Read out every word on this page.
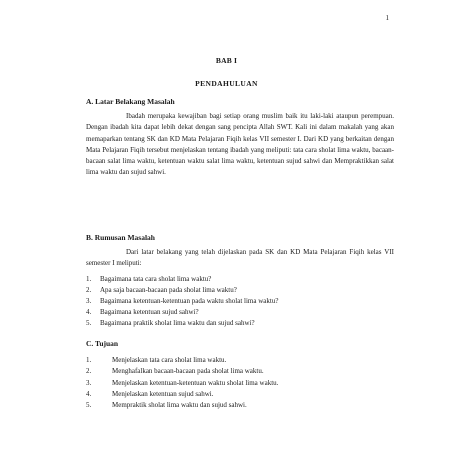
1
BAB I
PENDAHULUAN
A. Latar Belakang Masalah

Ibadah merupaka kewajiban bagi setiap orang muslim baik itu laki-laki ataupun perempuan. Dengan ibadah kita dapat lebih dekat dengan sang pencipta Allah SWT. Kali ini dalam makalah yang akan memaparkan tentang SK dan KD Mata Pelajaran Fiqih kelas VII semester I. Dari KD yang berkaitan dengan Mata Pelajaran Fiqih tersebut menjelaskan tentang ibadah yang meliputi: tata cara sholat lima waktu, bacaan-bacaan salat lima waktu, ketentuan waktu salat lima waktu, ketentuan sujud sahwi dan Mempraktikkan salat lima waktu dan sujud sahwi.

B. Rumusan Masalah

Dari latar belakang yang telah dijelaskan pada SK dan KD Mata Pelajaran Fiqih kelas VII semester I meliputi:

1.	Bagaimana tata cara sholat lima waktu?
2.	Apa saja bacaan-bacaan pada sholat lima waktu?
3.	Bagaimana ketentuan-ketentuan pada waktu sholat lima waktu?
4.	Bagaimana ketentuan sujud sahwi?
5.	Bagaimana praktik sholat lima waktu dan sujud sahwi?
C. Tujuan
1.	Menjelaskan tata cara sholat lima waktu.
2.	Menghafalkan bacaan-bacaan pada sholat lima waktu.
3.	Menjelaskan ketentuan-ketentuan waktu sholat lima waktu.
4.	Menjelaskan ketentuan sujud sahwi.
5.	Mempraktik sholat lima waktu dan sujud sahwi.
